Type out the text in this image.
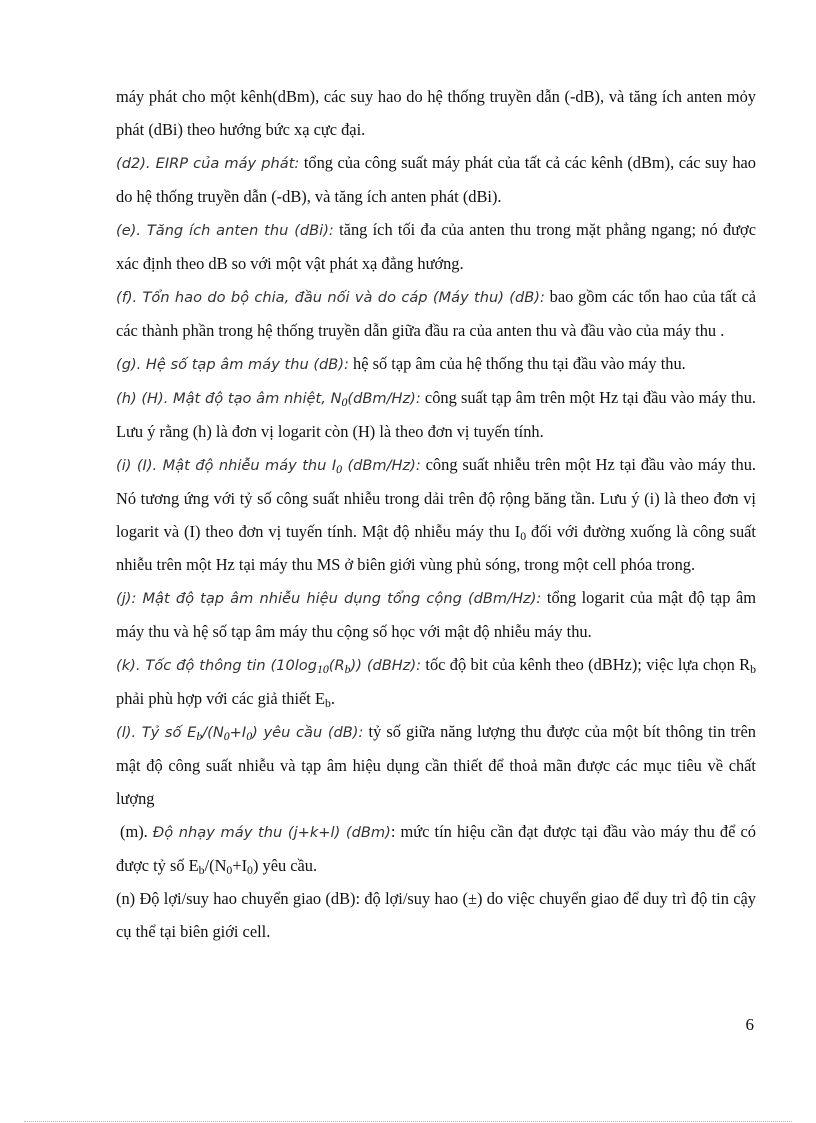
máy phát cho một kênh(dBm), các suy hao do hệ thống truyền dẫn (-dB), và tăng ích anten mỏy phát (dBi) theo hướng bức xạ cực đại.

(d2). EIRP của máy phát: tổng của công suất máy phát của tất cả các kênh (dBm), các suy hao do hệ thống truyền dẫn (-dB), và tăng ích anten phát (dBi).

(e). Tăng ích anten thu (dBi): tăng ích tối đa của anten thu trong mặt phẳng ngang; nó được xác định theo dB so với một vật phát xạ đẳng hướng.

(f). Tổn hao do bộ chia, đầu nối và do cáp (Máy thu) (dB): bao gồm các tổn hao của tất cả các thành phần trong hệ thống truyền dẫn giữa đầu ra của anten thu và đầu vào của máy thu .

(g). Hệ số tạp âm máy thu (dB): hệ số tạp âm của hệ thống thu tại đầu vào máy thu.

(h) (H). Mật độ tạo âm nhiệt, $N_0(dBm/Hz)$: công suất tạp âm trên một Hz tại đầu vào máy thu. Lưu ý rằng (h) là đơn vị logarit còn (H) là theo đơn vị tuyến tính.

(i) (I). Mật độ nhiễu máy thu $I_0$ (dBm/Hz): công suất nhiễu trên một Hz tại đầu vào máy thu. Nó tương ứng với tỷ số công suất nhiễu trong dải trên độ rộng băng tần. Lưu ý (i) là theo đơn vị logarit và (I) theo đơn vị tuyến tính. Mật độ nhiễu máy thu $I_0$ đối với đường xuống là công suất nhiễu trên một Hz tại máy thu MS ở biên giới vùng phủ sóng, trong một cell phóa trong.

(j): Mật độ tạp âm nhiễu hiệu dụng tổng cộng (dBm/Hz): tổng logarit của mật độ tạp âm máy thu và hệ số tạp âm máy thu cộng số học với mật độ nhiễu máy thu.

(k). Tốc độ thông tin $(10\log_{10}(R_b))$ (dBHz): tốc độ bit của kênh theo (dBHz); việc lựa chọn $R_b$ phải phù hợp với các giả thiết $E_b$.

(l). Tỷ số $E_b/(N_0+I_0)$ yêu cầu (dB): tỷ số giữa năng lượng thu được của một bít thông tin trên mật độ công suất nhiễu và tạp âm hiệu dụng cần thiết để thoả mãn được các mục tiêu về chất lượng

(m). Độ nhạy máy thu (j+k+l) (dBm): mức tín hiệu cần đạt được tại đầu vào máy thu để có được tỷ số $E_b/(N_0+I_0)$ yêu cầu.

(n) Độ lợi/suy hao chuyển giao (dB): độ lợi/suy hao (±) do việc chuyển giao để duy trì độ tin cậy cụ thể tại biên giới cell.

6
